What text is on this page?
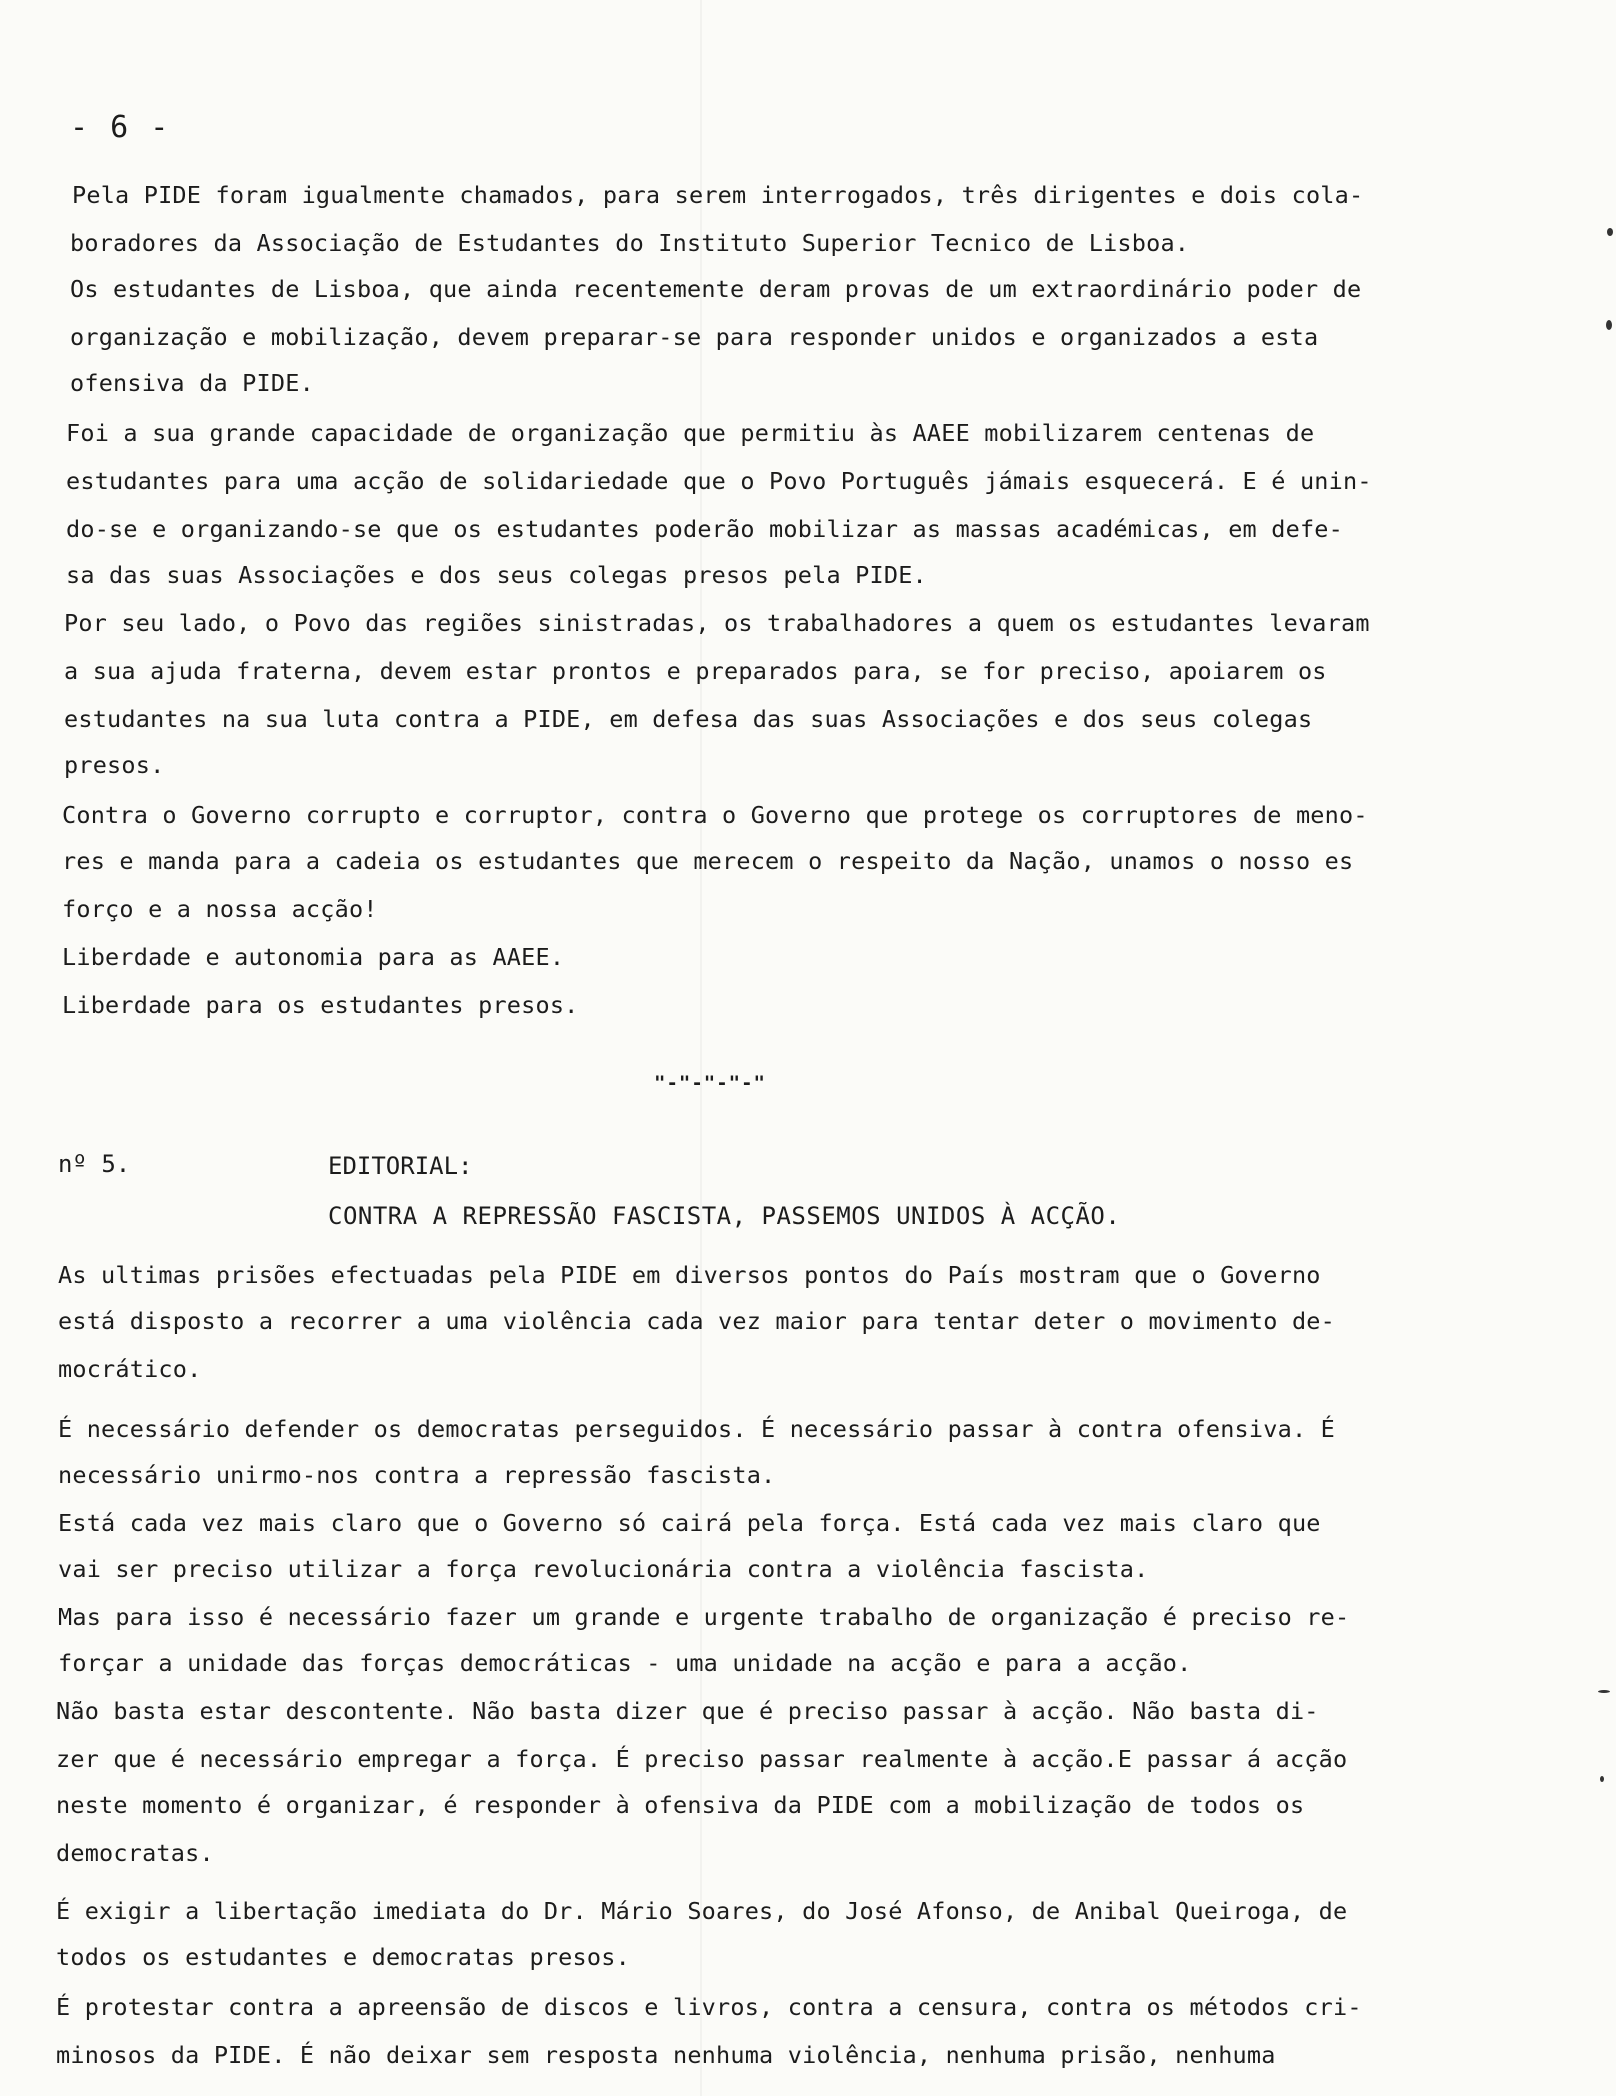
- 6 -
Pela PIDE foram igualmente chamados, para serem interrogados, três dirigentes e dois cola-
boradores da Associação de Estudantes do Instituto Superior Tecnico de Lisboa.
Os estudantes de Lisboa, que ainda recentemente deram provas de um extraordinário poder de
organização e mobilização, devem preparar-se para responder unidos e organizados a esta
ofensiva da PIDE.
Foi a sua grande capacidade de organização que permitiu às AAEE mobilizarem centenas de
estudantes para uma acção de solidariedade que o Povo Português jámais esquecerá. E é unin-
do-se e organizando-se que os estudantes poderão mobilizar as massas académicas, em defe-
sa das suas Associações e dos seus colegas presos pela PIDE.
Por seu lado, o Povo das regiões sinistradas, os trabalhadores a quem os estudantes levaram
a sua ajuda fraterna, devem estar prontos e preparados para, se for preciso, apoiarem os
estudantes na sua luta contra a PIDE, em defesa das suas Associações e dos seus colegas
presos.
Contra o Governo corrupto e corruptor, contra o Governo que protege os corruptores de meno-
res e manda para a cadeia os estudantes que merecem o respeito da Nação, unamos o nosso es
forço e a nossa acção!
Liberdade e autonomia para as AAEE.
Liberdade para os estudantes presos.
"-"-"-"-"
nº 5.	EDITORIAL:
CONTRA A REPRESSÃO FASCISTA, PASSEMOS UNIDOS À ACÇÃO.
As ultimas prisões efectuadas pela PIDE em diversos pontos do País mostram que o Governo
está disposto a recorrer a uma violência cada vez maior para tentar deter o movimento de-
mocrático.
É necessário defender os democratas perseguidos. É necessário passar à contra ofensiva. É
necessário unirmo-nos contra a repressão fascista.
Está cada vez mais claro que o Governo só cairá pela força. Está cada vez mais claro que
vai ser preciso utilizar a força revolucionária contra a violência fascista.
Mas para isso é necessário fazer um grande e urgente trabalho de organização é preciso re-
forçar a unidade das forças democráticas - uma unidade na acção e para a acção.
Não basta estar descontente. Não basta dizer que é preciso passar à acção. Não basta di-
zer que é necessário empregar a força. É preciso passar realmente à acção.E passar á acção
neste momento é organizar, é responder à ofensiva da PIDE com a mobilização de todos os
democratas.
É exigir a libertação imediata do Dr. Mário Soares, do José Afonso, de Anibal Queiroga, de
todos os estudantes e democratas presos.
É protestar contra a apreensão de discos e livros, contra a censura, contra os métodos cri-
minosos da PIDE. É não deixar sem resposta nenhuma violência, nenhuma prisão, nenhuma
